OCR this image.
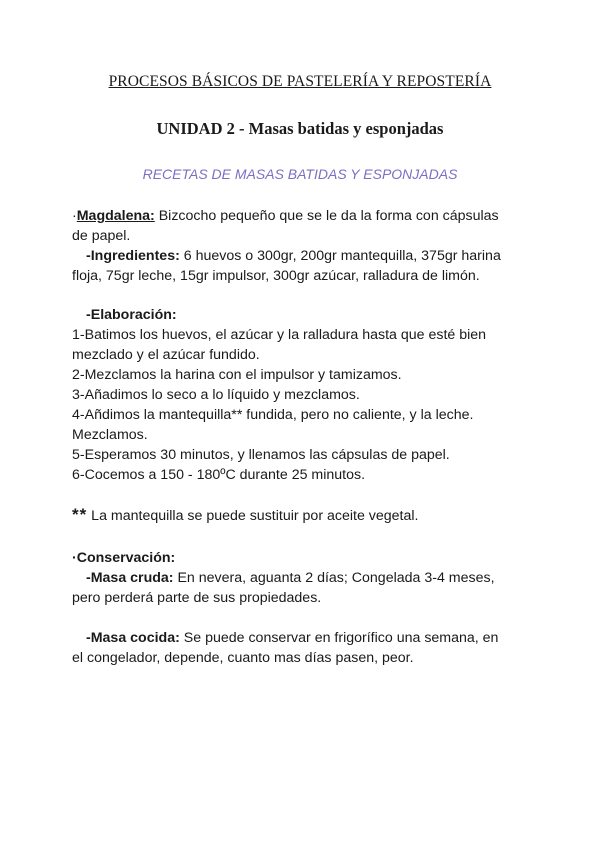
PROCESOS BÁSICOS DE PASTELERÍA Y REPOSTERÍA
UNIDAD 2 - Masas batidas y esponjadas
RECETAS DE MASAS BATIDAS Y ESPONJADAS
·Magdalena: Bizcocho pequeño que se le da la forma con cápsulas
de papel.
-Ingredientes: 6 huevos o 300gr, 200gr mantequilla, 375gr harina
floja, 75gr leche, 15gr impulsor, 300gr azúcar, ralladura de limón.
-Elaboración:
1-Batimos los huevos, el azúcar y la ralladura hasta que esté bien
mezclado y el azúcar fundido.
2-Mezclamos la harina con el impulsor y tamizamos.
3-Añadimos lo seco a lo líquido y mezclamos.
4-Añdimos la mantequilla** fundida, pero no caliente, y la leche.
Mezclamos.
5-Esperamos 30 minutos, y llenamos las cápsulas de papel.
6-Cocemos a 150 - 180ºC durante 25 minutos.
** La mantequilla se puede sustituir por aceite vegetal.
·Conservación:
-Masa cruda: En nevera, aguanta 2 días; Congelada 3-4 meses,
pero perderá parte de sus propiedades.
-Masa cocida: Se puede conservar en frigorífico una semana, en
el congelador, depende, cuanto mas días pasen, peor.
